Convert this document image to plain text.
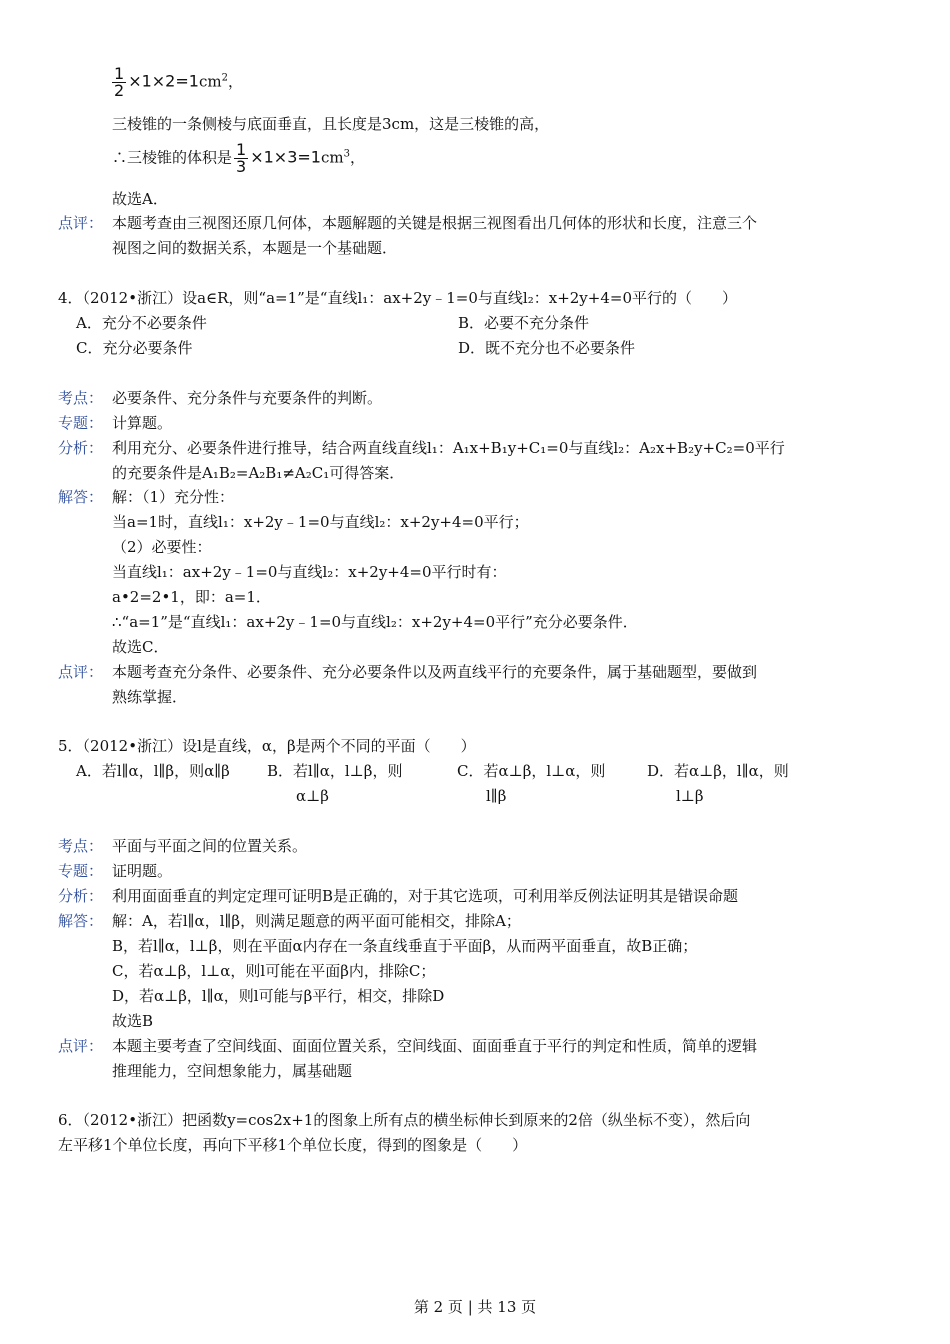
$\frac{1}{2} \times 1\times 2=1cm^2$，
三棱锥的一条侧棱与底面垂直，且长度是3cm，这是三棱锥的高，
∴三棱锥的体积是 $\frac{1}{3} \times 1\times 3=1cm^3$，
故选A．
点评： 本题考查由三视图还原几何体，本题解题的关键是根据三视图看出几何体的形状和长度，注意三个
视图之间的数据关系，本题是一个基础题．
4．（2012•浙江）设a∈R，则“a=1”是“直线l₁：ax+2y﹣1=0与直线l₂：x+2y+4=0平行的（　　）
A．充分不必要条件	B．必要不充分条件
C．充分必要条件	D．既不充分也不必要条件
考点： 必要条件、充分条件与充要条件的判断。
专题： 计算题。
分析： 利用充分、必要条件进行推导，结合两直线直线l₁：A₁x+B₁y+C₁=0与直线l₂：A₂x+B₂y+C₂=0平行
的充要条件是A₁B₂=A₂B₁≠A₂C₁可得答案．
解答： 解：（1）充分性：
当a=1时，直线l₁：x+2y﹣1=0与直线l₂：x+2y+4=0平行；
（2）必要性：
当直线l₁：ax+2y﹣1=0与直线l₂：x+2y+4=0平行时有：
a•2=2•1，即：a=1．
∴“a=1”是“直线l₁：ax+2y﹣1=0与直线l₂：x+2y+4=0平行”充分必要条件．
故选C．
点评： 本题考查充分条件、必要条件、充分必要条件以及两直线平行的充要条件，属于基础题型，要做到
熟练掌握．
5．（2012•浙江）设l是直线，α，β是两个不同的平面（　　）
A．若l∥α，l∥β，则α∥β B．若l∥α，l⊥β，则
α⊥β
C．若α⊥β，l⊥α，则
l∥β
D．若α⊥β，l∥α，则
l⊥β
考点： 平面与平面之间的位置关系。
专题： 证明题。
分析： 利用面面垂直的判定定理可证明B是正确的，对于其它选项，可利用举反例法证明其是错误命题
解答： 解：A，若l∥α，l∥β，则满足题意的两平面可能相交，排除A；
B，若l∥α，l⊥β，则在平面α内存在一条直线垂直于平面β，从而两平面垂直，故B正确；
C，若α⊥β，l⊥α，则l可能在平面β内，排除C；
D，若α⊥β，l∥α，则l可能与β平行，相交，排除D
故选B
点评： 本题主要考查了空间线面、面面位置关系，空间线面、面面垂直于平行的判定和性质，简单的逻辑
推理能力，空间想象能力，属基础题
6．（2012•浙江）把函数y=cos2x+1的图象上所有点的横坐标伸长到原来的2倍（纵坐标不变），然后向
左平移1个单位长度，再向下平移1个单位长度，得到的图象是（　　）
第 2 页 | 共 13 页
